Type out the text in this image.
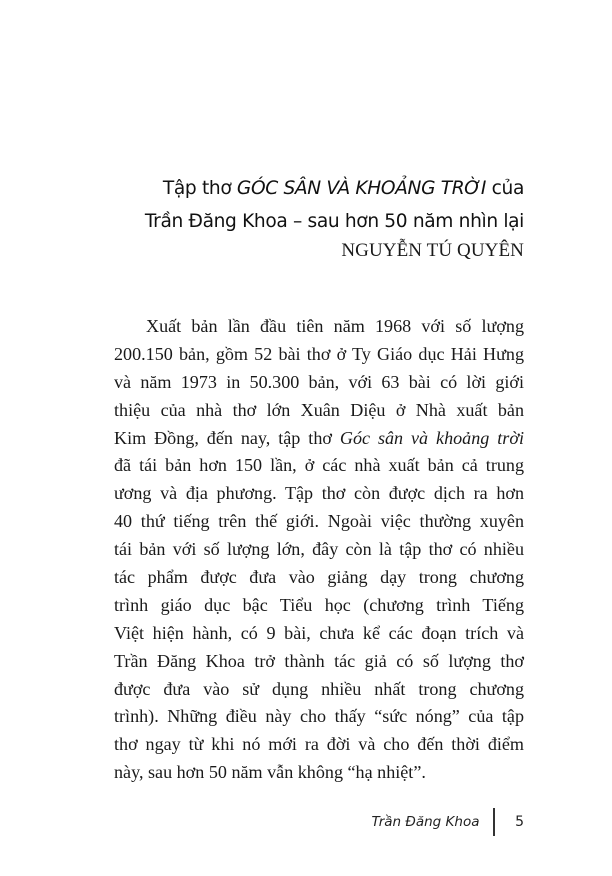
Tập thơ GÓC SÂN VÀ KHOẢNG TRỜI của
Trần Đăng Khoa – sau hơn 50 năm nhìn lại
NGUYỄN TÚ QUYÊN
Xuất bản lần đầu tiên năm 1968 với số lượng
200.150 bản, gồm 52 bài thơ ở Ty Giáo dục Hải Hưng
và năm 1973 in 50.300 bản, với 63 bài có lời giới
thiệu của nhà thơ lớn Xuân Diệu ở Nhà xuất bản
Kim Đồng, đến nay, tập thơ Góc sân và khoảng trời
đã tái bản hơn 150 lần, ở các nhà xuất bản cả trung
ương và địa phương. Tập thơ còn được dịch ra hơn
40 thứ tiếng trên thế giới. Ngoài việc thường xuyên
tái bản với số lượng lớn, đây còn là tập thơ có nhiều
tác phẩm được đưa vào giảng dạy trong chương
trình giáo dục bậc Tiểu học (chương trình Tiếng
Việt hiện hành, có 9 bài, chưa kể các đoạn trích và
Trần Đăng Khoa trở thành tác giả có số lượng thơ
được đưa vào sử dụng nhiều nhất trong chương
trình). Những điều này cho thấy “sức nóng” của tập
thơ ngay từ khi nó mới ra đời và cho đến thời điểm
này, sau hơn 50 năm vẫn không “hạ nhiệt”.
Trần Đăng Khoa	5
